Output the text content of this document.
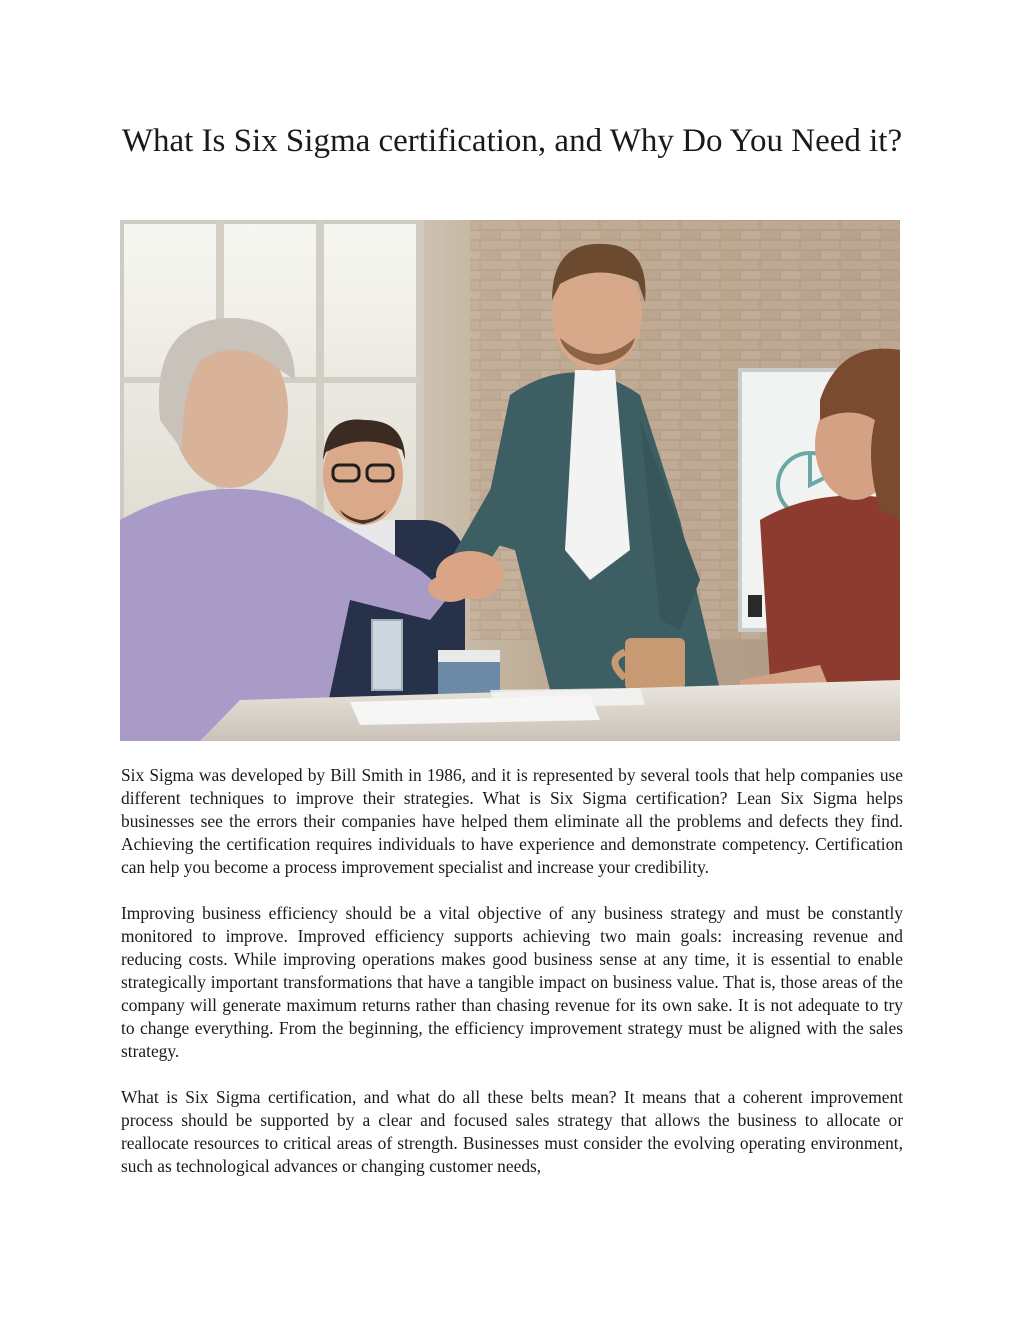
What Is Six Sigma certification, and Why Do You Need it?

Six Sigma was developed by Bill Smith in 1986, and it is represented by several tools that help companies use different techniques to improve their strategies. What is Six Sigma certification? Lean Six Sigma helps businesses see the errors their companies have helped them eliminate all the problems and defects they find. Achieving the certification requires individuals to have experience and demonstrate competency. Certification can help you become a process improvement specialist and increase your credibility.

Improving business efficiency should be a vital objective of any business strategy and must be constantly monitored to improve. Improved efficiency supports achieving two main goals: increasing revenue and reducing costs. While improving operations makes good business sense at any time, it is essential to enable strategically important transformations that have a tangible impact on business value. That is, those areas of the company will generate maximum returns rather than chasing revenue for its own sake. It is not adequate to try to change everything. From the beginning, the efficiency improvement strategy must be aligned with the sales strategy.

What is Six Sigma certification, and what do all these belts mean? It means that a coherent improvement process should be supported by a clear and focused sales strategy that allows the business to allocate or reallocate resources to critical areas of strength. Businesses must consider the evolving operating environment, such as technological advances or changing customer needs,
